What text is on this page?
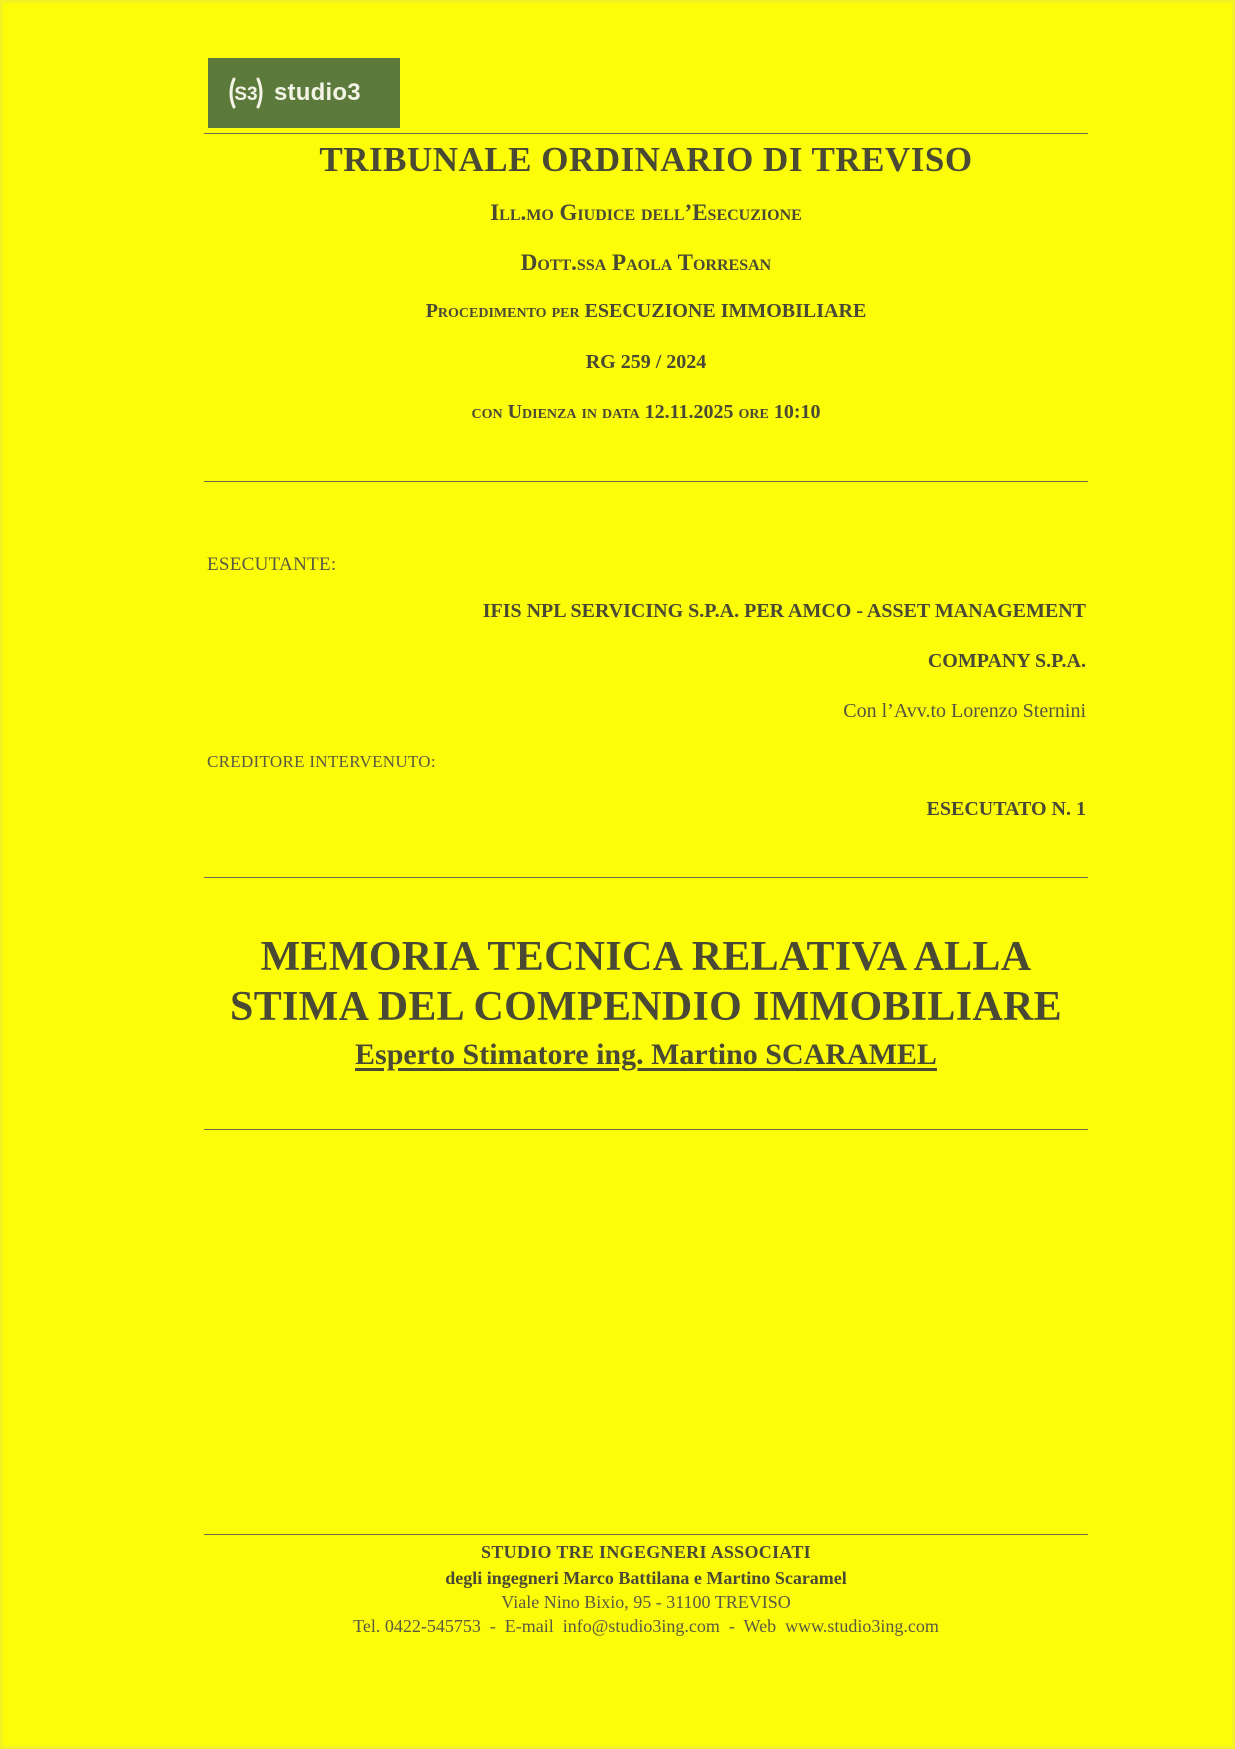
S3 studio3
TRIBUNALE ORDINARIO DI TREVISO
Ill.mo Giudice dell’Esecuzione
Dott.ssa Paola Torresan
Procedimento per ESECUZIONE IMMOBILIARE
RG 259 / 2024
con Udienza in data 12.11.2025 ore 10:10
ESECUTANTE:
IFIS NPL SERVICING S.P.A. PER AMCO - ASSET MANAGEMENT
COMPANY S.P.A.
Con l’Avv.to Lorenzo Sternini
CREDITORE INTERVENUTO:
ESECUTATO N. 1
MEMORIA TECNICA RELATIVA ALLA
STIMA DEL COMPENDIO IMMOBILIARE
Esperto Stimatore ing. Martino SCARAMEL
STUDIO TRE INGEGNERI ASSOCIATI
degli ingegneri Marco Battilana e Martino Scaramel
Viale Nino Bixio, 95 - 31100 TREVISO
Tel. 0422-545753  -  E-mail  info@studio3ing.com  -  Web  www.studio3ing.com
